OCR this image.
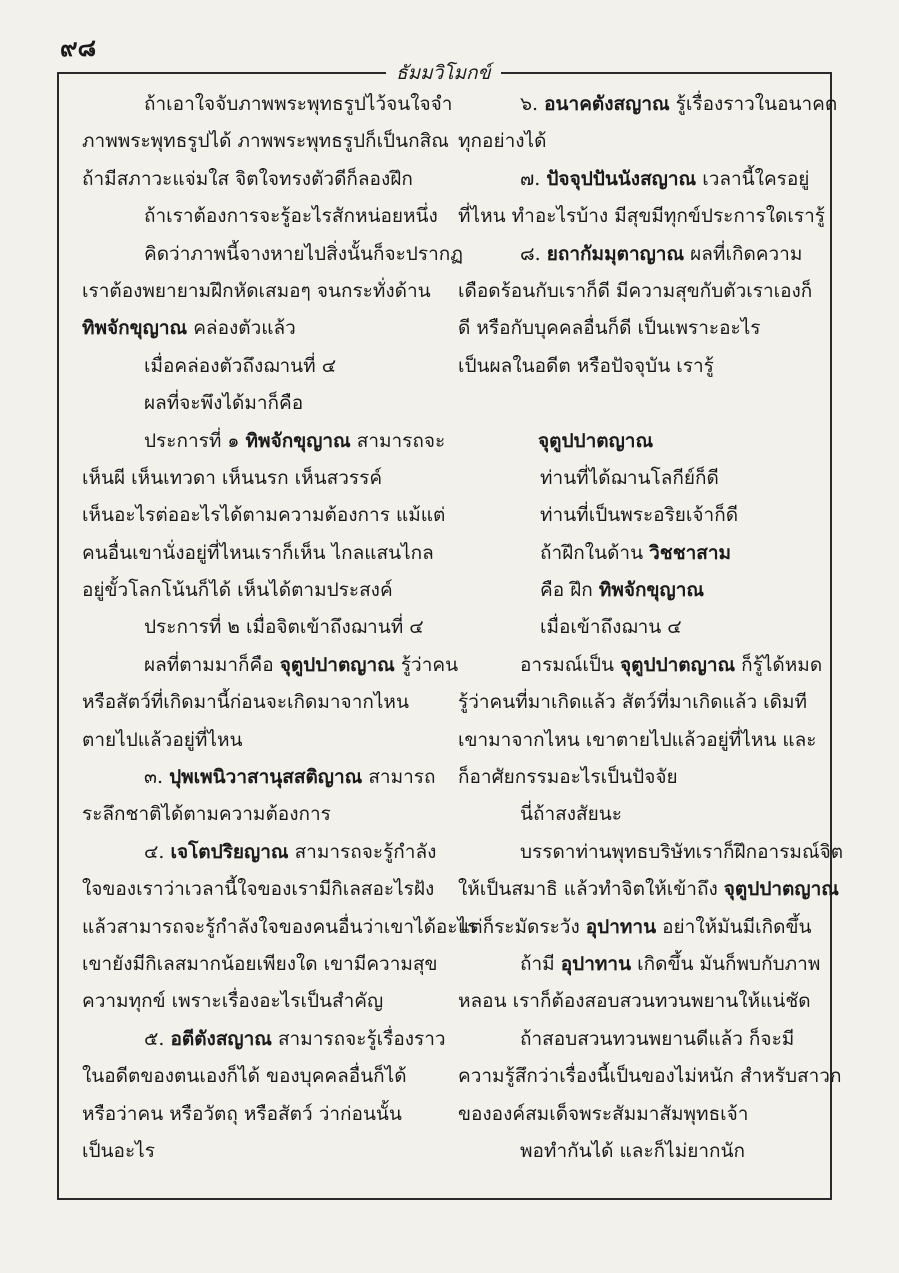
๙๘
ธัมมวิโมกข์
ถ้าเอาใจจับภาพพระพุทธรูปไว้จนใจจำ
ภาพพระพุทธรูปได้ ภาพพระพุทธรูปก็เป็นกสิณ
ถ้ามีสภาวะแจ่มใส จิตใจทรงตัวดีก็ลองฝึก
ถ้าเราต้องการจะรู้อะไรสักหน่อยหนึ่ง
คิดว่าภาพนี้จางหายไปสิ่งนั้นก็จะปรากฏ
เราต้องพยายามฝึกหัดเสมอๆ จนกระทั่งด้าน
ทิพจักขุญาณ คล่องตัวแล้ว
เมื่อคล่องตัวถึงฌานที่ ๔
ผลที่จะพึงได้มาก็คือ
ประการที่ ๑ ทิพจักขุญาณ สามารถจะ
เห็นผี เห็นเทวดา เห็นนรก เห็นสวรรค์
เห็นอะไรต่ออะไรได้ตามความต้องการ แม้แต่
คนอื่นเขานั่งอยู่ที่ไหนเราก็เห็น ไกลแสนไกล
อยู่ขั้วโลกโน้นก็ได้ เห็นได้ตามประสงค์
ประการที่ ๒ เมื่อจิตเข้าถึงฌานที่ ๔
ผลที่ตามมาก็คือ จุตูปปาตญาณ รู้ว่าคน
หรือสัตว์ที่เกิดมานี้ก่อนจะเกิดมาจากไหน
ตายไปแล้วอยู่ที่ไหน
๓. ปุพเพนิวาสานุสสติญาณ สามารถ
ระลึกชาติได้ตามความต้องการ
๔. เจโตปริยญาณ สามารถจะรู้กำลัง
ใจของเราว่าเวลานี้ใจของเรามีกิเลสอะไรฝัง
แล้วสามารถจะรู้กำลังใจของคนอื่นว่าเขาได้อะไร
เขายังมีกิเลสมากน้อยเพียงใด เขามีความสุข
ความทุกข์ เพราะเรื่องอะไรเป็นสำคัญ
๕. อตีตังสญาณ สามารถจะรู้เรื่องราว
ในอดีตของตนเองก็ได้ ของบุคคลอื่นก็ได้
หรือว่าคน หรือวัตถุ หรือสัตว์ ว่าก่อนนั้น
เป็นอะไร
๖. อนาคตังสญาณ รู้เรื่องราวในอนาคต
ทุกอย่างได้
๗. ปัจจุปปันนังสญาณ เวลานี้ใครอยู่
ที่ไหน ทำอะไรบ้าง มีสุขมีทุกข์ประการใดเรารู้
๘. ยถากัมมุตาญาณ ผลที่เกิดความ
เดือดร้อนกับเราก็ดี มีความสุขกับตัวเราเองก็
ดี หรือกับบุคคลอื่นก็ดี เป็นเพราะอะไร
เป็นผลในอดีต หรือปัจจุบัน เรารู้
จุตูปปาตญาณ
ท่านที่ได้ฌานโลกีย์ก็ดี
ท่านที่เป็นพระอริยเจ้าก็ดี
ถ้าฝึกในด้าน วิชชาสาม
คือ ฝึก ทิพจักขุญาณ
เมื่อเข้าถึงฌาน ๔
อารมณ์เป็น จุตูปปาตญาณ ก็รู้ได้หมด
รู้ว่าคนที่มาเกิดแล้ว สัตว์ที่มาเกิดแล้ว เดิมที
เขามาจากไหน เขาตายไปแล้วอยู่ที่ไหน และ
ก็อาศัยกรรมอะไรเป็นปัจจัย
นี่ถ้าสงสัยนะ
บรรดาท่านพุทธบริษัทเราก็ฝึกอารมณ์จิต
ให้เป็นสมาธิ แล้วทำจิตให้เข้าถึง จุตูปปาตญาณ
แต่ก็ระมัดระวัง อุปาทาน อย่าให้มันมีเกิดขึ้น
ถ้ามี อุปาทาน เกิดขึ้น มันก็พบกับภาพ
หลอน เราก็ต้องสอบสวนทวนพยานให้แน่ชัด
ถ้าสอบสวนทวนพยานดีแล้ว ก็จะมี
ความรู้สึกว่าเรื่องนี้เป็นของไม่หนัก สำหรับสาวก
ขององค์สมเด็จพระสัมมาสัมพุทธเจ้า
พอทำกันได้ และก็ไม่ยากนัก
